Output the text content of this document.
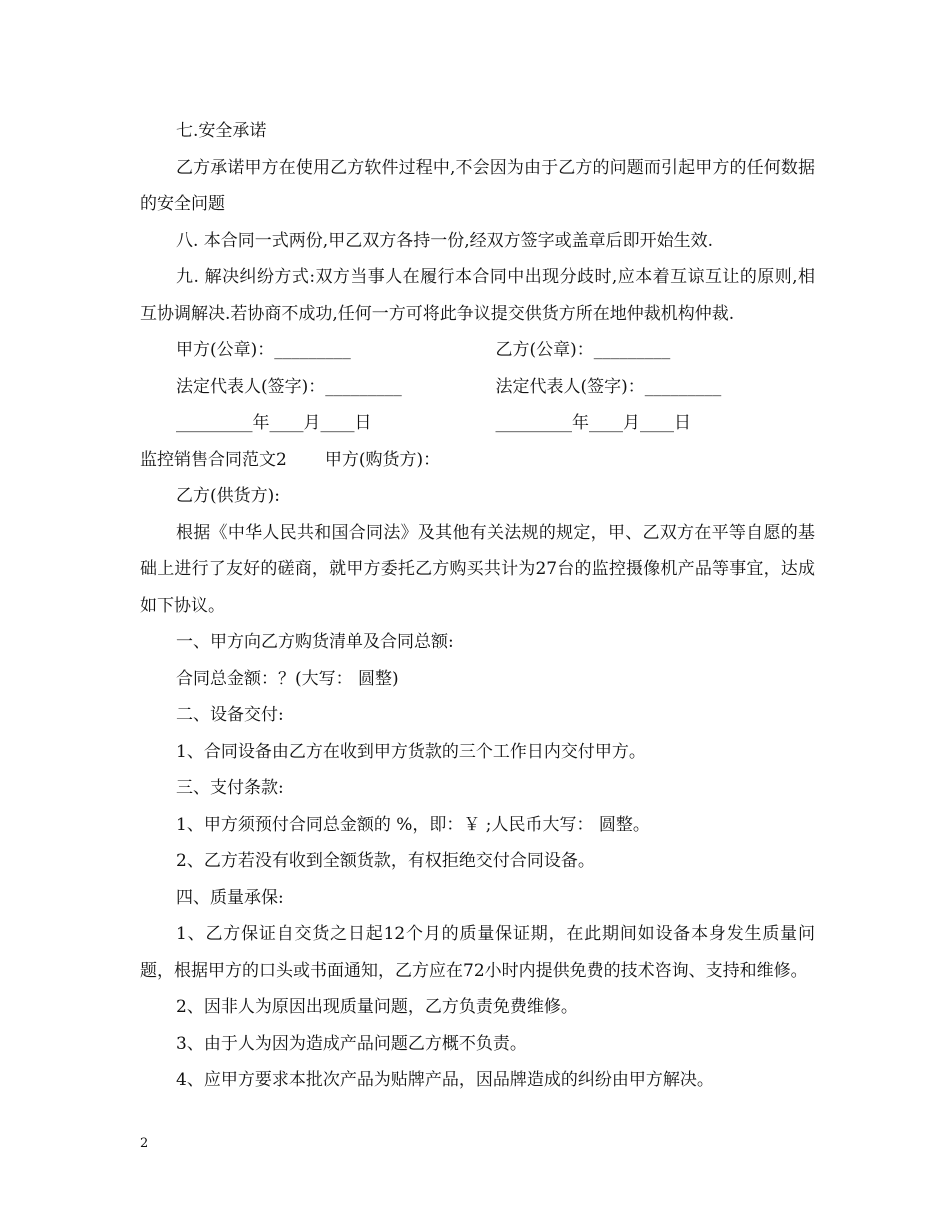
七.安全承诺

乙方承诺甲方在使用乙方软件过程中,不会因为由于乙方的问题而引起甲方的任何数据的安全问题

八. 本合同一式两份,甲乙双方各持一份,经双方签字或盖章后即开始生效.

九. 解决纠纷方式:双方当事人在履行本合同中出现分歧时,应本着互谅互让的原则,相互协调解决.若协商不成功,任何一方可将此争议提交供货方所在地仲裁机构仲裁.

甲方(公章)：_________	乙方(公章)：_________
法定代表人(签字)：_________	法定代表人(签字)：_________
_________年____月____日	_________年____月____日

监控销售合同范文2 甲方(购货方)：

乙方(供货方):

根据《中华人民共和国合同法》及其他有关法规的规定，甲、乙双方在平等自愿的基础上进行了友好的磋商，就甲方委托乙方购买共计为27台的监控摄像机产品等事宜，达成如下协议。

一、甲方向乙方购货清单及合同总额:

合同总金额：？(大写： 圆整)

二、设备交付:

1、合同设备由乙方在收到甲方货款的三个工作日内交付甲方。

三、支付条款:

1、甲方须预付合同总金额的 %，即：￥ ;人民币大写： 圆整。

2、乙方若没有收到全额货款，有权拒绝交付合同设备。

四、质量承保:

1、乙方保证自交货之日起12个月的质量保证期，在此期间如设备本身发生质量问题，根据甲方的口头或书面通知，乙方应在72小时内提供免费的技术咨询、支持和维修。

2、因非人为原因出现质量问题，乙方负责免费维修。

3、由于人为因为造成产品问题乙方概不负责。

4、应甲方要求本批次产品为贴牌产品，因品牌造成的纠纷由甲方解决。

2
